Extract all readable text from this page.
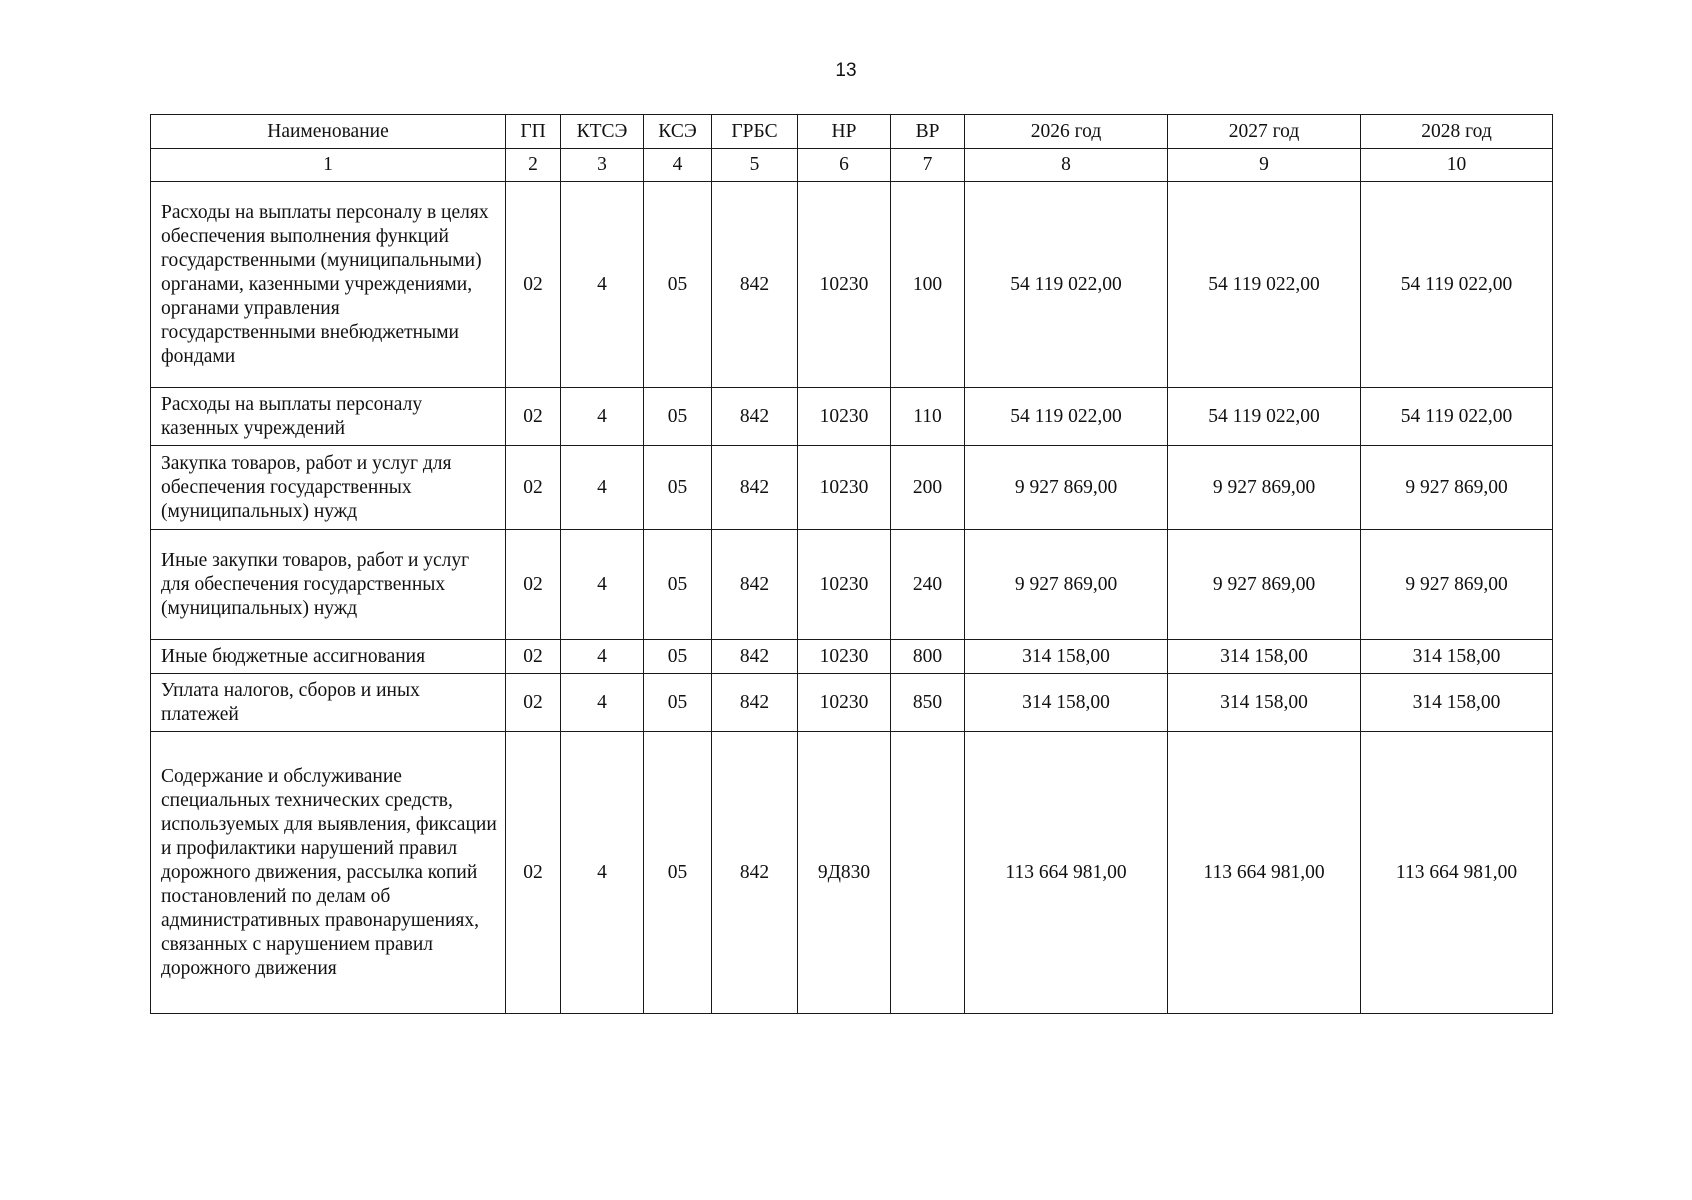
13
Наименование	ГП	КТСЭ	КСЭ	ГРБС	НР	ВР	2026 год	2027 год	2028 год
1	2	3	4	5	6	7	8	9	10
Расходы на выплаты персоналу в целях обеспечения выполнения функций государственными (муниципальными) органами, казенными учреждениями, органами управления государственными внебюджетными фондами	02	4	05	842	10230	100	54 119 022,00	54 119 022,00	54 119 022,00
Расходы на выплаты персоналу казенных учреждений	02	4	05	842	10230	110	54 119 022,00	54 119 022,00	54 119 022,00
Закупка товаров, работ и услуг для обеспечения государственных (муниципальных) нужд	02	4	05	842	10230	200	9 927 869,00	9 927 869,00	9 927 869,00
Иные закупки товаров, работ и услуг для обеспечения государственных (муниципальных) нужд	02	4	05	842	10230	240	9 927 869,00	9 927 869,00	9 927 869,00
Иные бюджетные ассигнования	02	4	05	842	10230	800	314 158,00	314 158,00	314 158,00
Уплата налогов, сборов и иных платежей	02	4	05	842	10230	850	314 158,00	314 158,00	314 158,00
Содержание и обслуживание специальных технических средств, используемых для выявления, фиксации и профилактики нарушений правил дорожного движения, рассылка копий постановлений по делам об административных правонарушениях, связанных с нарушением правил дорожного движения	02	4	05	842	9Д830		113 664 981,00	113 664 981,00	113 664 981,00
